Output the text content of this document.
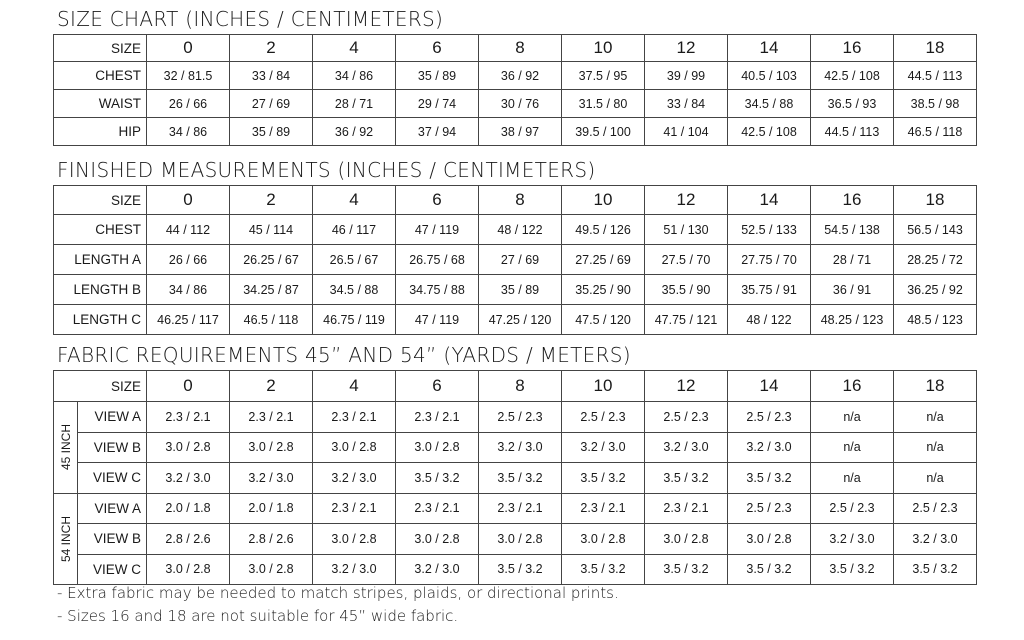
SIZE CHART (INCHES / CENTIMETERS)
SIZE	0	2	4	6	8	10	12	14	16	18
CHEST	32 / 81.5	33 / 84	34 / 86	35 / 89	36 / 92	37.5 / 95	39 / 99	40.5 / 103	42.5 / 108	44.5 / 113
WAIST	26 / 66	27 / 69	28 / 71	29 / 74	30 / 76	31.5 / 80	33 / 84	34.5 / 88	36.5 / 93	38.5 / 98
HIP	34 / 86	35 / 89	36 / 92	37 / 94	38 / 97	39.5 / 100	41 / 104	42.5 / 108	44.5 / 113	46.5 / 118
FINISHED MEASUREMENTS (INCHES / CENTIMETERS)
SIZE	0	2	4	6	8	10	12	14	16	18
CHEST	44 / 112	45 / 114	46 / 117	47 / 119	48 / 122	49.5 / 126	51 / 130	52.5 / 133	54.5 / 138	56.5 / 143
LENGTH A	26 / 66	26.25 / 67	26.5 / 67	26.75 / 68	27 / 69	27.25 / 69	27.5 / 70	27.75 / 70	28 / 71	28.25 / 72
LENGTH B	34 / 86	34.25 / 87	34.5 / 88	34.75 / 88	35 / 89	35.25 / 90	35.5 / 90	35.75 / 91	36 / 91	36.25 / 92
LENGTH C	46.25 / 117	46.5 / 118	46.75 / 119	47 / 119	47.25 / 120	47.5 / 120	47.75 / 121	48 / 122	48.25 / 123	48.5 / 123
FABRIC REQUIREMENTS 45” AND 54” (YARDS / METERS)
SIZE		0	2	4	6	8	10	12	14	16	18

45 INCH	VIEW A	2.3 / 2.1	2.3 / 2.1	2.3 / 2.1	2.3 / 2.1	2.5 / 2.3	2.5 / 2.3	2.5 / 2.3	2.5 / 2.3	n/a	n/a
	VIEW B	3.0 / 2.8	3.0 / 2.8	3.0 / 2.8	3.0 / 2.8	3.2 / 3.0	3.2 / 3.0	3.2 / 3.0	3.2 / 3.0	n/a	n/a
	VIEW C	3.2 / 3.0	3.2 / 3.0	3.2 / 3.0	3.5 / 3.2	3.5 / 3.2	3.5 / 3.2	3.5 / 3.2	3.5 / 3.2	n/a	n/a

54 INCH	VIEW A	2.0 / 1.8	2.0 / 1.8	2.3 / 2.1	2.3 / 2.1	2.3 / 2.1	2.3 / 2.1	2.3 / 2.1	2.5 / 2.3	2.5 / 2.3	2.5 / 2.3
	VIEW B	2.8 / 2.6	2.8 / 2.6	3.0 / 2.8	3.0 / 2.8	3.0 / 2.8	3.0 / 2.8	3.0 / 2.8	3.0 / 2.8	3.2 / 3.0	3.2 / 3.0
	VIEW C	3.0 / 2.8	3.0 / 2.8	3.2 / 3.0	3.2 / 3.0	3.5 / 3.2	3.5 / 3.2	3.5 / 3.2	3.5 / 3.2	3.5 / 3.2	3.5 / 3.2
- Extra fabric may be needed to match stripes, plaids, or directional prints.
- Sizes 16 and 18 are not suitable for 45” wide fabric.
